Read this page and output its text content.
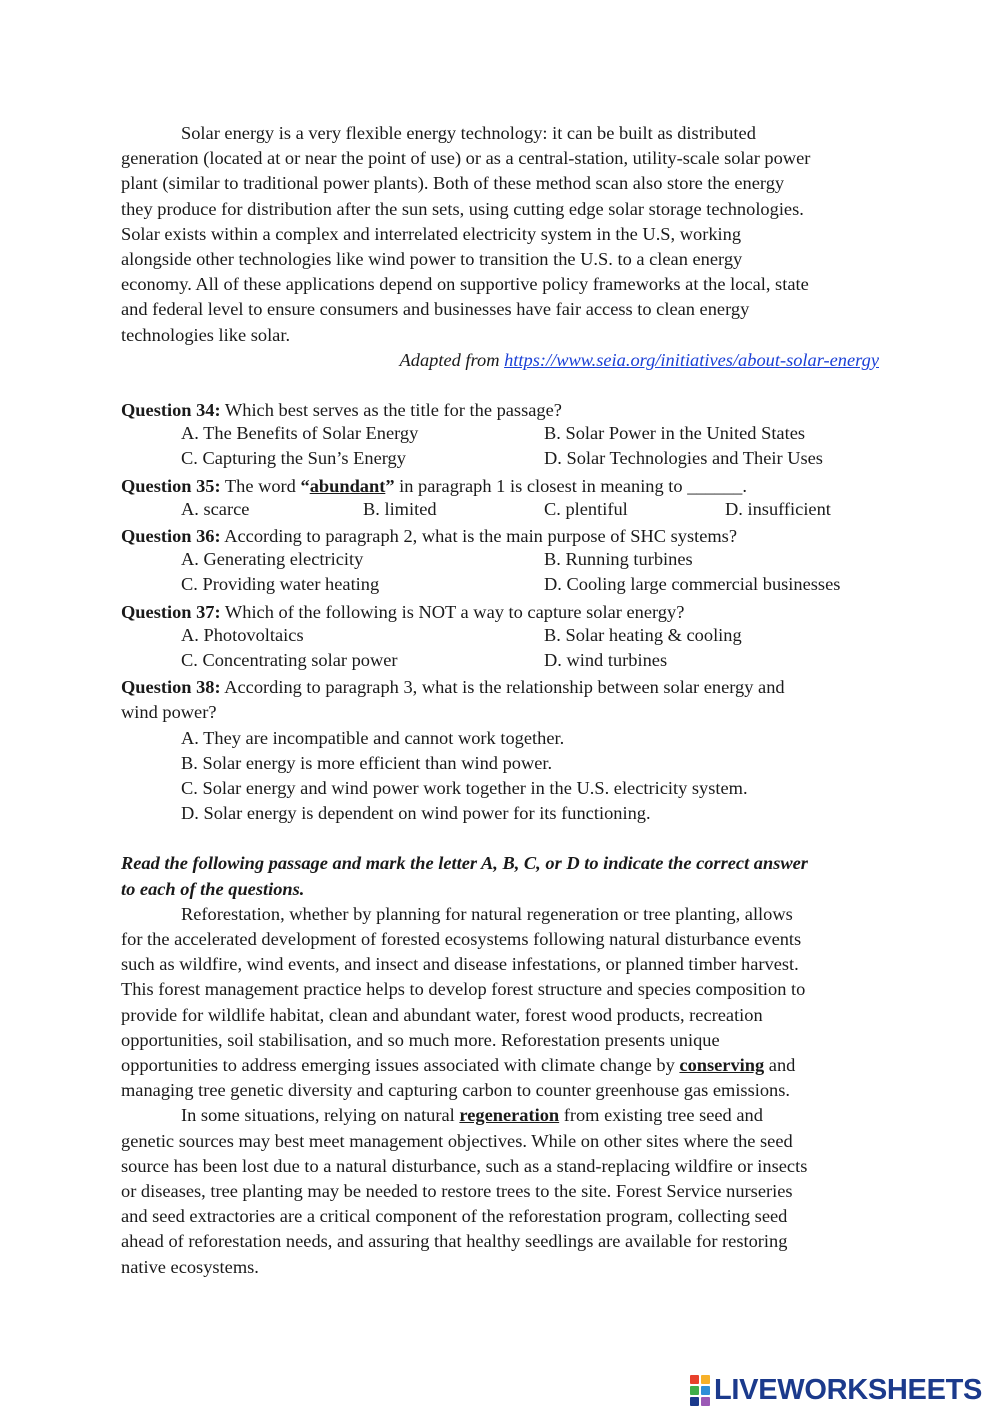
Solar energy is a very flexible energy technology: it can be built as distributed
generation (located at or near the point of use) or as a central-station, utility-scale solar power
plant (similar to traditional power plants). Both of these method scan also store the energy
they produce for distribution after the sun sets, using cutting edge solar storage technologies.
Solar exists within a complex and interrelated electricity system in the U.S, working
alongside other technologies like wind power to transition the U.S. to a clean energy
economy. All of these applications depend on supportive policy frameworks at the local, state
and federal level to ensure consumers and businesses have fair access to clean energy
technologies like solar.
Adapted from https://www.seia.org/initiatives/about-solar-energy
Question 34: Which best serves as the title for the passage?
A. The Benefits of Solar Energy	B. Solar Power in the United States
C. Capturing the Sun’s Energy	D. Solar Technologies and Their Uses
Question 35: The word “abundant” in paragraph 1 is closest in meaning to ______.
A. scarce	B. limited	C. plentiful	D. insufficient
Question 36: According to paragraph 2, what is the main purpose of SHC systems?
A. Generating electricity	B. Running turbines
C. Providing water heating	D. Cooling large commercial businesses
Question 37: Which of the following is NOT a way to capture solar energy?
A. Photovoltaics	B. Solar heating & cooling
C. Concentrating solar power	D. wind turbines
Question 38: According to paragraph 3, what is the relationship between solar energy and
wind power?
A. They are incompatible and cannot work together.
B. Solar energy is more efficient than wind power.
C. Solar energy and wind power work together in the U.S. electricity system.
D. Solar energy is dependent on wind power for its functioning.
Read the following passage and mark the letter A, B, C, or D to indicate the correct answer
to each of the questions.
Reforestation, whether by planning for natural regeneration or tree planting, allows
for the accelerated development of forested ecosystems following natural disturbance events
such as wildfire, wind events, and insect and disease infestations, or planned timber harvest.
This forest management practice helps to develop forest structure and species composition to
provide for wildlife habitat, clean and abundant water, forest wood products, recreation
opportunities, soil stabilisation, and so much more. Reforestation presents unique
opportunities to address emerging issues associated with climate change by conserving and
managing tree genetic diversity and capturing carbon to counter greenhouse gas emissions.
In some situations, relying on natural regeneration from existing tree seed and
genetic sources may best meet management objectives. While on other sites where the seed
source has been lost due to a natural disturbance, such as a stand-replacing wildfire or insects
or diseases, tree planting may be needed to restore trees to the site. Forest Service nurseries
and seed extractories are a critical component of the reforestation program, collecting seed
ahead of reforestation needs, and assuring that healthy seedlings are available for restoring
native ecosystems.
LIVEWORKSHEETS
